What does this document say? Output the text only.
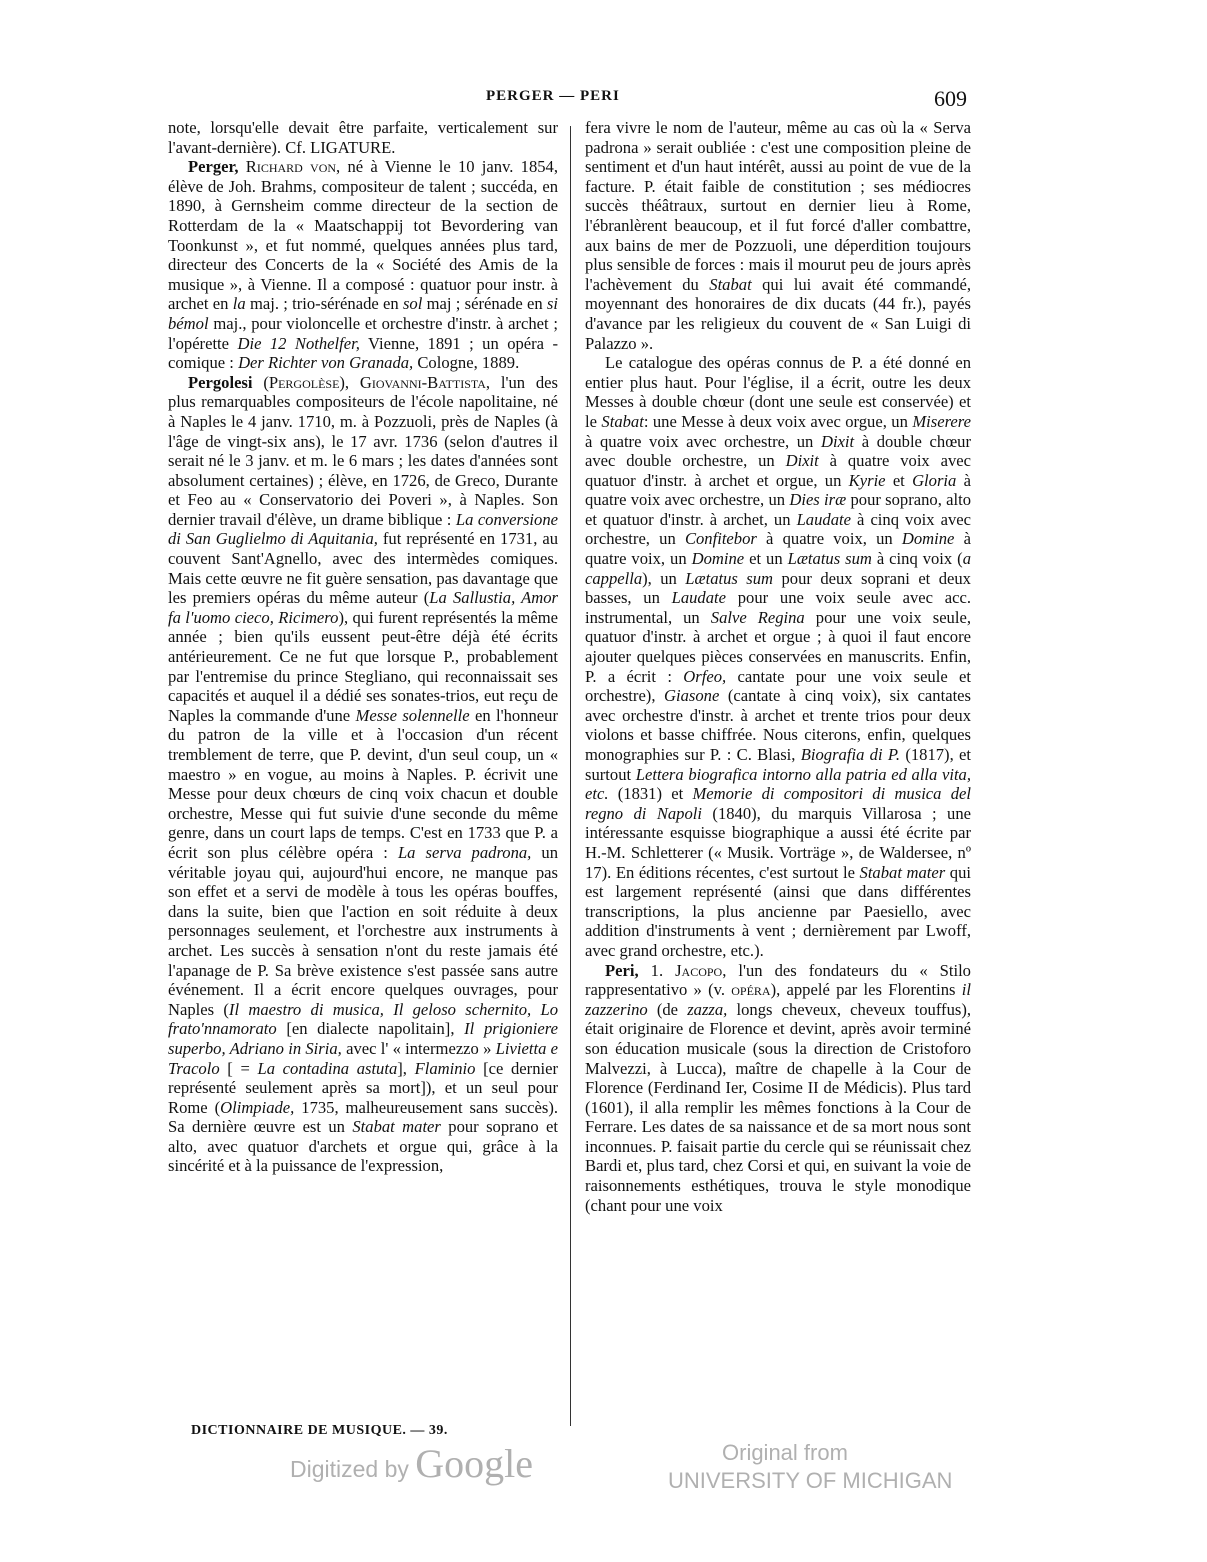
PERGER — PERI	609

note, lorsqu'elle devait être parfaite, verticalement sur l'avant-dernière). Cf. LIGATURE.

Perger, Richard von, né à Vienne le 10 janv. 1854, élève de Joh. Brahms, compositeur de talent ; succéda, en 1890, à Gernsheim comme directeur de la section de Rotterdam de la « Maatschappij tot Bevordering van Toonkunst », et fut nommé, quelques années plus tard, directeur des Concerts de la « Société des Amis de la musique », à Vienne. Il a composé : quatuor pour instr. à archet en la maj. ; trio-sérénade en sol maj ; sérénade en si bémol maj., pour violoncelle et orchestre d'instr. à archet ; l'opérette Die 12 Nothelfer, Vienne, 1891 ; un opéra - comique : Der Richter von Granada, Cologne, 1889.

Pergolesi (Pergolèse), Giovanni-Battista, l'un des plus remarquables compositeurs de l'école napolitaine, né à Naples le 4 janv. 1710, m. à Pozzuoli, près de Naples (à l'âge de vingt-six ans), le 17 avr. 1736 (selon d'autres il serait né le 3 janv. et m. le 6 mars ; les dates d'années sont absolument certaines) ; élève, en 1726, de Greco, Durante et Feo au « Conservatorio dei Poveri », à Naples. Son dernier travail d'élève, un drame biblique : La conversione di San Guglielmo di Aquitania, fut représenté en 1731, au couvent Sant'Agnello, avec des intermèdes comiques. Mais cette œuvre ne fit guère sensation, pas davantage que les premiers opéras du même auteur (La Sallustia, Amor fa l'uomo cieco, Ricimero), qui furent représentés la même année ; bien qu'ils eussent peut-être déjà été écrits antérieurement. Ce ne fut que lorsque P., probablement par l'entremise du prince Stegliano, qui reconnaissait ses capacités et auquel il a dédié ses sonates-trios, eut reçu de Naples la commande d'une Messe solennelle en l'honneur du patron de la ville et à l'occasion d'un récent tremblement de terre, que P. devint, d'un seul coup, un « maestro » en vogue, au moins à Naples. P. écrivit une Messe pour deux chœurs de cinq voix chacun et double orchestre, Messe qui fut suivie d'une seconde du même genre, dans un court laps de temps. C'est en 1733 que P. a écrit son plus célèbre opéra : La serva padrona, un véritable joyau qui, aujourd'hui encore, ne manque pas son effet et a servi de modèle à tous les opéras bouffes, dans la suite, bien que l'action en soit réduite à deux personnages seulement, et l'orchestre aux instruments à archet. Les succès à sensation n'ont du reste jamais été l'apanage de P. Sa brève existence s'est passée sans autre événement. Il a écrit encore quelques ouvrages, pour Naples (Il maestro di musica, Il geloso schernito, Lo frato'nnamorato [en dialecte napolitain], Il prigioniere superbo, Adriano in Siria, avec l' « intermezzo » Livietta e Tracolo [ = La contadina astuta], Flaminio [ce dernier représenté seulement après sa mort]), et un seul pour Rome (Olimpiade, 1735, malheureusement sans succès). Sa dernière œuvre est un Stabat mater pour soprano et alto, avec quatuor d'archets et orgue qui, grâce à la sincérité et à la puissance de l'expression,

fera vivre le nom de l'auteur, même au cas où la « Serva padrona » serait oubliée : c'est une composition pleine de sentiment et d'un haut intérêt, aussi au point de vue de la facture. P. était faible de constitution ; ses médiocres succès théâtraux, surtout en dernier lieu à Rome, l'ébranlèrent beaucoup, et il fut forcé d'aller combattre, aux bains de mer de Pozzuoli, une déperdition toujours plus sensible de forces : mais il mourut peu de jours après l'achèvement du Stabat qui lui avait été commandé, moyennant des honoraires de dix ducats (44 fr.), payés d'avance par les religieux du couvent de « San Luigi di Palazzo ».

Le catalogue des opéras connus de P. a été donné en entier plus haut. Pour l'église, il a écrit, outre les deux Messes à double chœur (dont une seule est conservée) et le Stabat: une Messe à deux voix avec orgue, un Miserere à quatre voix avec orchestre, un Dixit à double chœur avec double orchestre, un Dixit à quatre voix avec quatuor d'instr. à archet et orgue, un Kyrie et Gloria à quatre voix avec orchestre, un Dies iræ pour soprano, alto et quatuor d'instr. à archet, un Laudate à cinq voix avec orchestre, un Confitebor à quatre voix, un Domine à quatre voix, un Domine et un Lætatus sum à cinq voix (a cappella), un Lætatus sum pour deux soprani et deux basses, un Laudate pour une voix seule avec acc. instrumental, un Salve Regina pour une voix seule, quatuor d'instr. à archet et orgue ; à quoi il faut encore ajouter quelques pièces conservées en manuscrits. Enfin, P. a écrit : Orfeo, cantate pour une voix seule et orchestre), Giasone (cantate à cinq voix), six cantates avec orchestre d'instr. à archet et trente trios pour deux violons et basse chiffrée. Nous citerons, enfin, quelques monographies sur P. : C. Blasi, Biografia di P. (1817), et surtout Lettera biografica intorno alla patria ed alla vita, etc. (1831) et Memorie di compositori di musica del regno di Napoli (1840), du marquis Villarosa ; une intéressante esquisse biographique a aussi été écrite par H.-M. Schletterer (« Musik. Vorträge », de Waldersee, nº 17). En éditions récentes, c'est surtout le Stabat mater qui est largement représenté (ainsi que dans différentes transcriptions, la plus ancienne par Paesiello, avec addition d'instruments à vent ; dernièrement par Lwoff, avec grand orchestre, etc.).

Peri, 1. Jacopo, l'un des fondateurs du « Stilo rappresentativo » (v. opéra), appelé par les Florentins il zazzerino (de zazza, longs cheveux, cheveux touffus), était originaire de Florence et devint, après avoir terminé son éducation musicale (sous la direction de Cristoforo Malvezzi, à Lucca), maître de chapelle à la Cour de Florence (Ferdinand Ier, Cosime II de Médicis). Plus tard (1601), il alla remplir les mêmes fonctions à la Cour de Ferrare. Les dates de sa naissance et de sa mort nous sont inconnues. P. faisait partie du cercle qui se réunissait chez Bardi et, plus tard, chez Corsi et qui, en suivant la voie de raisonnements esthétiques, trouva le style monodique (chant pour une voix

DICTIONNAIRE DE MUSIQUE. — 39.
Digitized by Google	Original from
UNIVERSITY OF MICHIGAN
